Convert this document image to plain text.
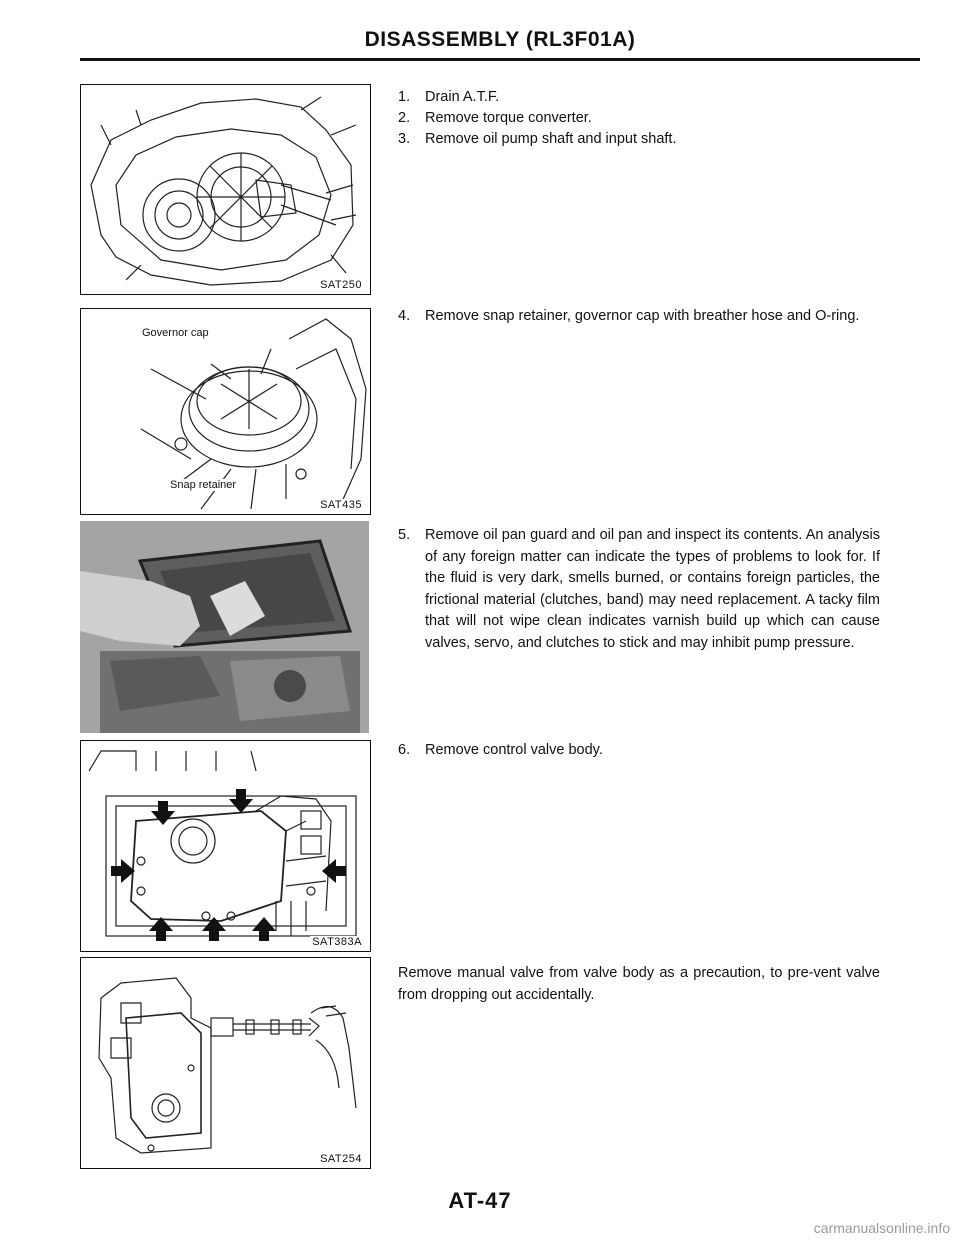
DISASSEMBLY (RL3F01A)
SAT250
Governor cap
Snap retainer
SAT435
SAT383A
SAT254
1. Drain A.T.F.
2. Remove torque converter.
3. Remove oil pump shaft and input shaft.
4. Remove snap retainer, governor cap with breather hose and O-ring.
5. Remove oil pan guard and oil pan and inspect its contents. An analysis of any foreign matter can indicate the types of problems to look for. If the fluid is very dark, smells burned, or contains foreign particles, the frictional material (clutches, band) may need replacement. A tacky film that will not wipe clean indicates varnish build up which can cause valves, servo, and clutches to stick and may inhibit pump pressure.
6. Remove control valve body.
Remove manual valve from valve body as a precaution, to pre-vent valve from dropping out accidentally.
AT-47
carmanualsonline.info
